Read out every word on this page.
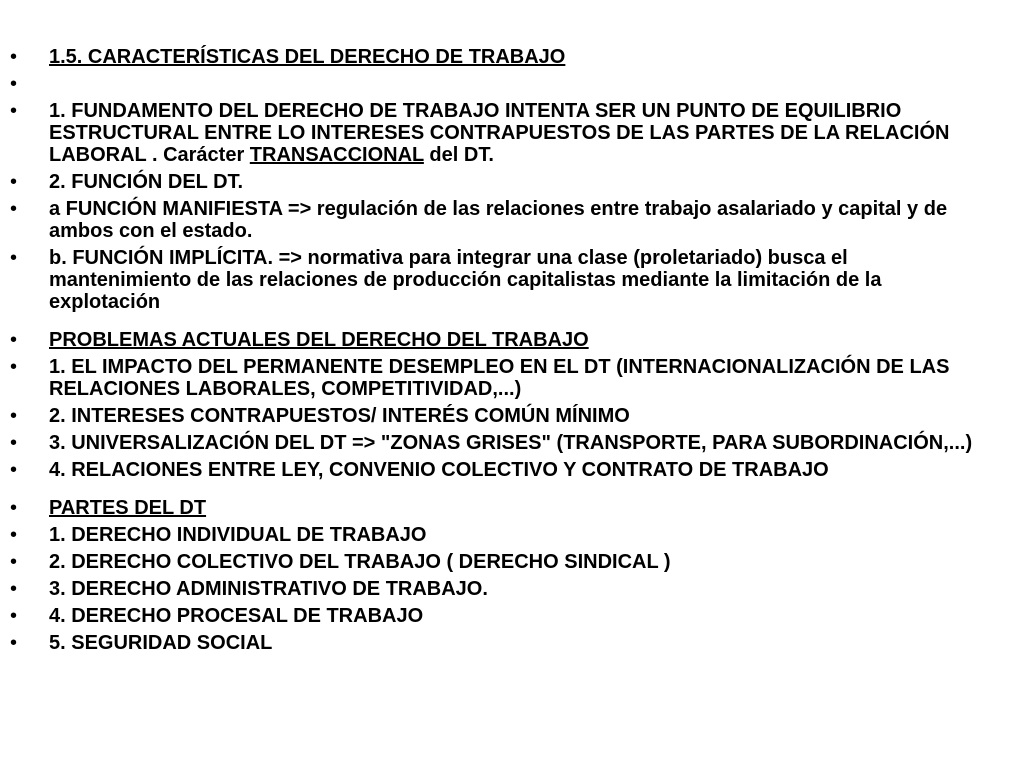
• 1.5. CARACTERÍSTICAS DEL DERECHO DE TRABAJO
•
• 1. FUNDAMENTO DEL DERECHO DE TRABAJO INTENTA SER UN PUNTO DE EQUILIBRIO ESTRUCTURAL ENTRE LO INTERESES CONTRAPUESTOS DE LAS PARTES DE LA RELACIÓN LABORAL . Carácter TRANSACCIONAL del DT.
• 2. FUNCIÓN DEL DT.
• a FUNCIÓN MANIFIESTA => regulación de las relaciones entre trabajo asalariado y capital y de ambos con el estado.
• b. FUNCIÓN IMPLÍCITA. => normativa para integrar una clase (proletariado) busca el mantenimiento de las relaciones de producción capitalistas mediante la limitación de la explotación
• PROBLEMAS ACTUALES DEL DERECHO DEL TRABAJO
• 1. EL IMPACTO DEL PERMANENTE DESEMPLEO EN EL DT (INTERNACIONALIZACIÓN DE LAS RELACIONES LABORALES, COMPETITIVIDAD,...)
• 2. INTERESES CONTRAPUESTOS/ INTERÉS COMÚN MÍNIMO
• 3. UNIVERSALIZACIÓN DEL DT => "ZONAS GRISES" (TRANSPORTE, PARA SUBORDINACIÓN,...)
• 4. RELACIONES ENTRE LEY, CONVENIO COLECTIVO Y CONTRATO DE TRABAJO
• PARTES DEL DT
• 1. DERECHO INDIVIDUAL DE TRABAJO
• 2. DERECHO COLECTIVO DEL TRABAJO ( DERECHO SINDICAL )
• 3. DERECHO ADMINISTRATIVO DE TRABAJO.
• 4. DERECHO PROCESAL DE TRABAJO
• 5. SEGURIDAD SOCIAL
